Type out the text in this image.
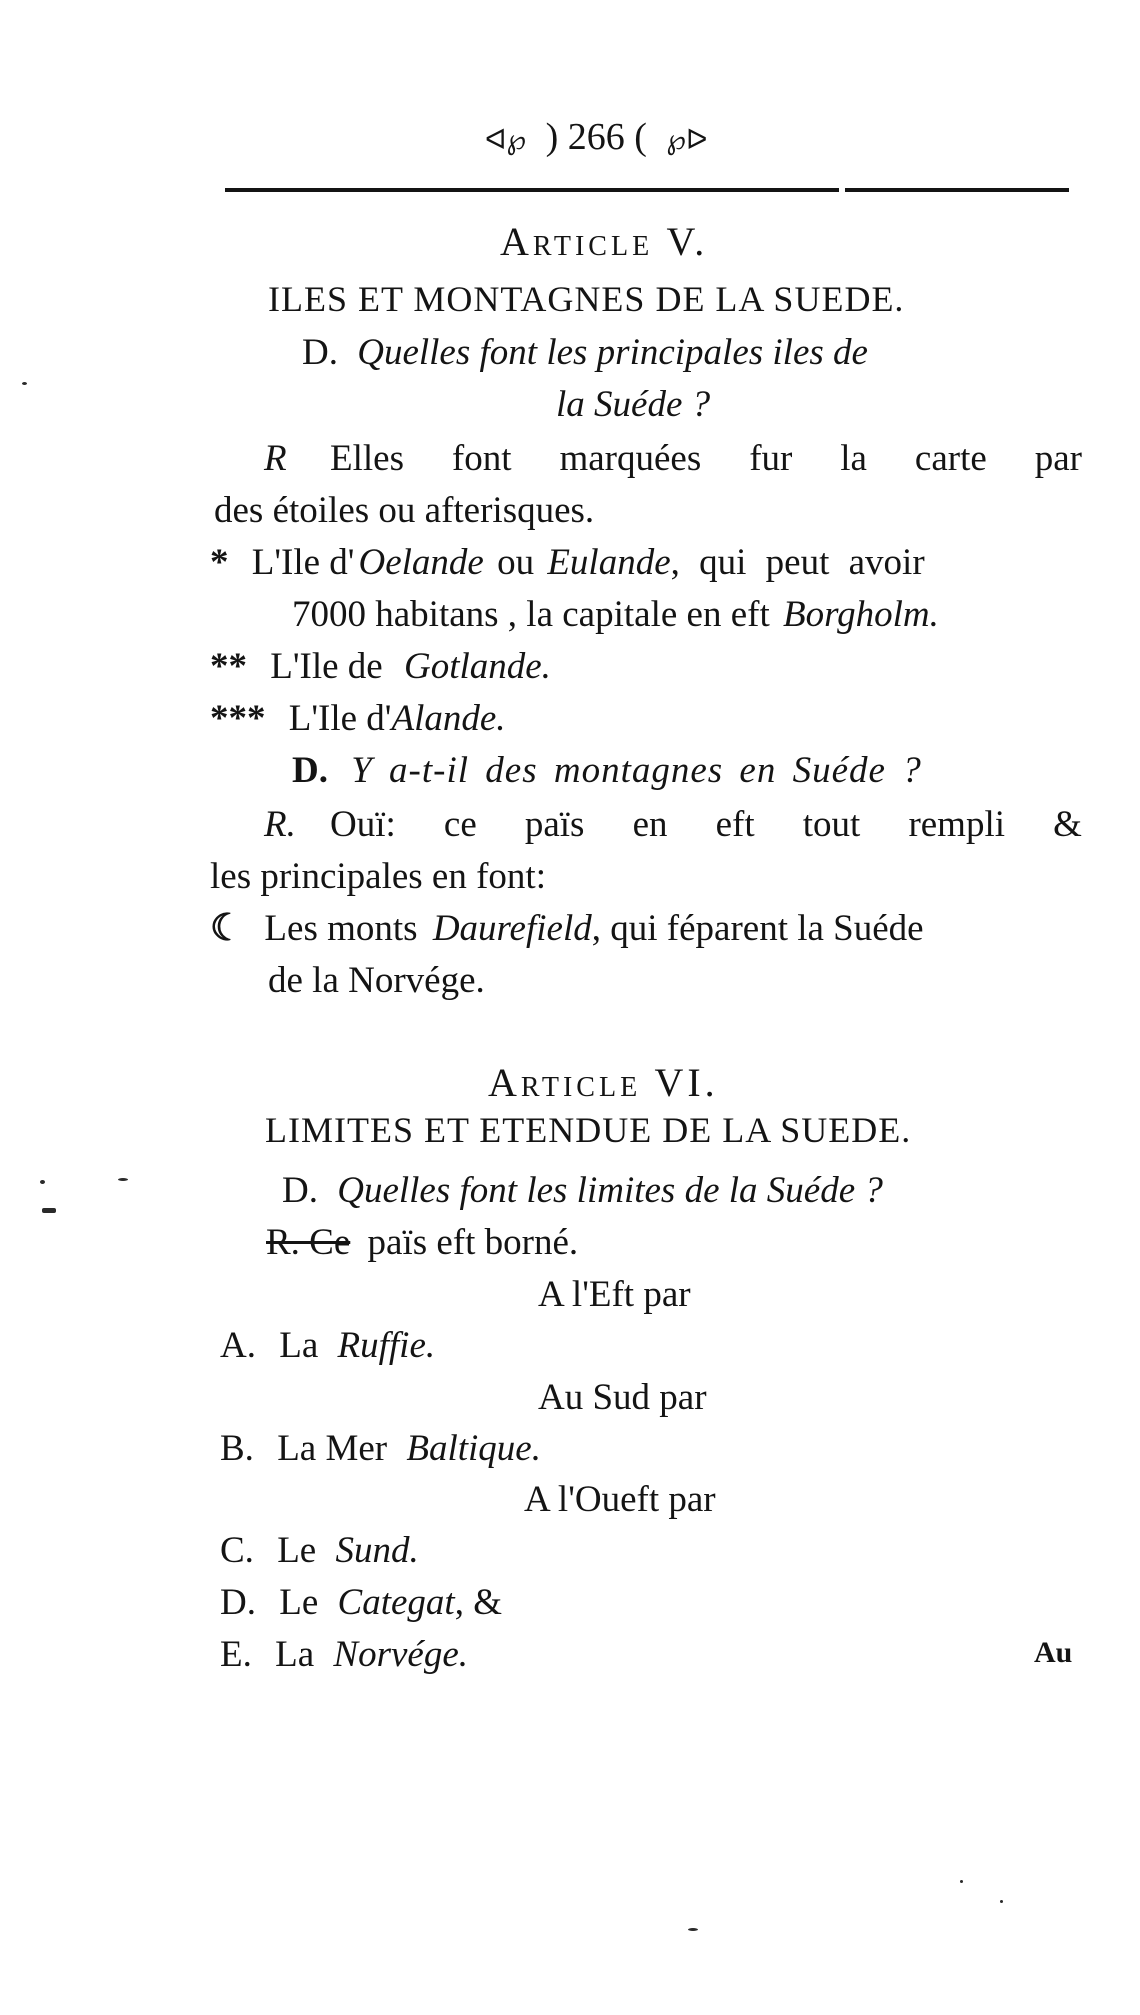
ᐊ℘ ) 266 ( ℘ᐅ
Article V.
ILES ET MONTAGNES DE LA SUEDE.
D. Quelles font les principales iles de
la Suéde ?
R Elles font marquées fur la carte par
des étoiles ou afterisques.
* L'Ile d' Oelande ou Eulande, qui peut avoir
7000 habitans , la capitale en eft Borgholm.
** L'Ile de Gotlande.
*** L'Ile d'Alande.
D. Y a-t-il des montagnes en Suéde ?
R. Ouï: ce païs en eft tout rempli &
les principales en font:
☾ Les monts Daurefield, qui féparent la Suéde
de la Norvége.
Article VI.
LIMITES ET ETENDUE DE LA SUEDE.
D. Quelles font les limites de la Suéde ?
R. Ce païs eft borné.
A l'Eft par
A. La Ruffie.
Au Sud par
B. La Mer Baltique.
A l'Oueft par
C. Le Sund.
D. Le Categat, &
E. La Norvége.	Au
